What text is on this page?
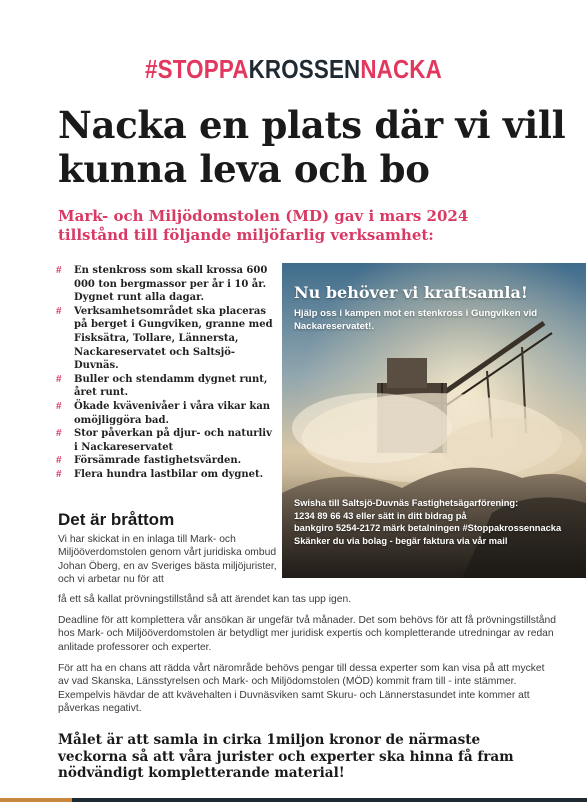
#STOPPAKROSSENNACKA
Nacka en plats där vi vill kunna leva och bo
Mark- och Miljödomstolen (MD) gav i mars 2024 tillstånd till följande miljöfarlig verksamhet:
# En stenkross som skall krossa 600 000 ton bergmassor per år i 10 år. Dygnet runt alla dagar.
# Verksamhetsområdet ska placeras på berget i Gungviken, granne med Fisksätra, Tollare, Lännersta, Nackareservatet och Saltsjö-Duvnäs.
# Buller och stendamm dygnet runt, året runt.
# Ökade kvävenivåer i våra vikar kan omöjliggöra bad.
# Stor påverkan på djur- och naturliv i Nackareservatet
# Försämrade fastighetsvärden.
# Flera hundra lastbilar om dygnet.
Nu behöver vi kraftsamla!

Hjälp oss i kampen mot en stenkross i Gungviken vid Nackareservatet!.

Swisha till Saltsjö-Duvnäs Fastighetsägarförening:
1234 89 66 43 eller sätt in ditt bidrag på
bankgiro 5254-2172 märk betalningen #Stoppakrossennacka
Skänker du via bolag - begär faktura via vår mail

Det är bråttom

Vi har skickat in en inlaga till Mark- och Miljööverdomstolen genom vårt juridiska ombud Johan Öberg, en av Sveriges bästa miljöjurister, och vi arbetar nu för att

få ett så kallat prövningstillstånd så att ärendet kan tas upp igen.

Deadline för att komplettera vår ansökan är ungefär två månader. Det som behövs för att få prövningstillstånd hos Mark- och Miljööverdomstolen är betydligt mer juridisk expertis och kompletterande utredningar av redan anlitade professorer och experter.

För att ha en chans att rädda vårt närområde behövs pengar till dessa experter som kan visa på att mycket av vad Skanska, Länsstyrelsen och Mark- och Miljödomstolen (MÖD) kommit fram till - inte stämmer. Exempelvis hävdar de att kvävehalten i Duvnäsviken samt Skuru- och Lännerstasundet inte kommer att påverkas negativt.

Målet är att samla in cirka 1miljon kronor de närmaste veckorna så att våra jurister och experter ska hinna få fram nödvändigt kompletterande material!
